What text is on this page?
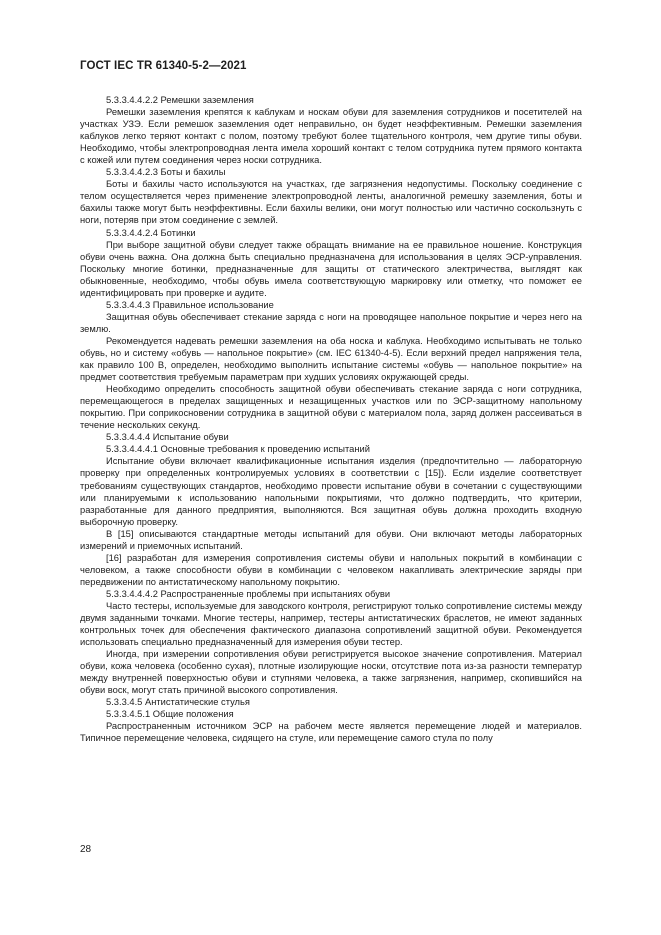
ГОСТ IEC TR 61340-5-2—2021

5.3.3.4.4.2.2 Ремешки заземления

Ремешки заземления крепятся к каблукам и носкам обуви для заземления сотрудников и посетителей на участках УЗЭ. Если ремешок заземления одет неправильно, он будет неэффективным. Ремешки заземления каблуков легко теряют контакт с полом, поэтому требуют более тщательного контроля, чем другие типы обуви. Необходимо, чтобы электропроводная лента имела хороший контакт с телом сотрудника путем прямого контакта с кожей или путем соединения через носки сотрудника.

5.3.3.4.4.2.3 Боты и бахилы

Боты и бахилы часто используются на участках, где загрязнения недопустимы. Поскольку соединение с телом осуществляется через применение электропроводной ленты, аналогичной ремешку заземления, боты и бахилы также могут быть неэффективны. Если бахилы велики, они могут полностью или частично соскользнуть с ноги, потеряв при этом соединение с землей.

5.3.3.4.4.2.4 Ботинки

При выборе защитной обуви следует также обращать внимание на ее правильное ношение. Конструкция обуви очень важна. Она должна быть специально предназначена для использования в целях ЭСР-управления. Поскольку многие ботинки, предназначенные для защиты от статического электричества, выглядят как обыкновенные, необходимо, чтобы обувь имела соответствующую маркировку или отметку, что поможет ее идентифицировать при проверке и аудите.

5.3.3.4.4.3 Правильное использование

Защитная обувь обеспечивает стекание заряда с ноги на проводящее напольное покрытие и через него на землю.

Рекомендуется надевать ремешки заземления на оба носка и каблука. Необходимо испытывать не только обувь, но и систему «обувь — напольное покрытие» (см. IEC 61340-4-5). Если верхний предел напряжения тела, как правило 100 В, определен, необходимо выполнить испытание системы «обувь — напольное покрытие» на предмет соответствия требуемым параметрам при худших условиях окружающей среды.

Необходимо определить способность защитной обуви обеспечивать стекание заряда с ноги сотрудника, перемещающегося в пределах защищенных и незащищенных участков или по ЭСР-защитному напольному покрытию. При соприкосновении сотрудника в защитной обуви с материалом пола, заряд должен рассеиваться в течение нескольких секунд.

5.3.3.4.4.4 Испытание обуви

5.3.3.4.4.4.1 Основные требования к проведению испытаний

Испытание обуви включает квалификационные испытания изделия (предпочтительно — лабораторную проверку при определенных контролируемых условиях в соответствии с [15]). Если изделие соответствует требованиям существующих стандартов, необходимо провести испытание обуви в сочетании с существующими или планируемыми к использованию напольными покрытиями, что должно подтвердить, что критерии, разработанные для данного предприятия, выполняются. Вся защитная обувь должна проходить входную выборочную проверку.

В [15] описываются стандартные методы испытаний для обуви. Они включают методы лабораторных измерений и приемочных испытаний.

[16] разработан для измерения сопротивления системы обуви и напольных покрытий в комбинации с человеком, а также способности обуви в комбинации с человеком накапливать электрические заряды при передвижении по антистатическому напольному покрытию.

5.3.3.4.4.4.2 Распространенные проблемы при испытаниях обуви

Часто тестеры, используемые для заводского контроля, регистрируют только сопротивление системы между двумя заданными точками. Многие тестеры, например, тестеры антистатических браслетов, не имеют заданных контрольных точек для обеспечения фактического диапазона сопротивлений защитной обуви. Рекомендуется использовать специально предназначенный для измерения обуви тестер.

Иногда, при измерении сопротивления обуви регистрируется высокое значение сопротивления. Материал обуви, кожа человека (особенно сухая), плотные изолирующие носки, отсутствие пота из-за разности температур между внутренней поверхностью обуви и ступнями человека, а также загрязнения, например, скопившийся на обуви воск, могут стать причиной высокого сопротивления.

5.3.3.4.5 Антистатические стулья

5.3.3.4.5.1 Общие положения

Распространенным источником ЭСР на рабочем месте является перемещение людей и материалов. Типичное перемещение человека, сидящего на стуле, или перемещение самого стула по полу

28
